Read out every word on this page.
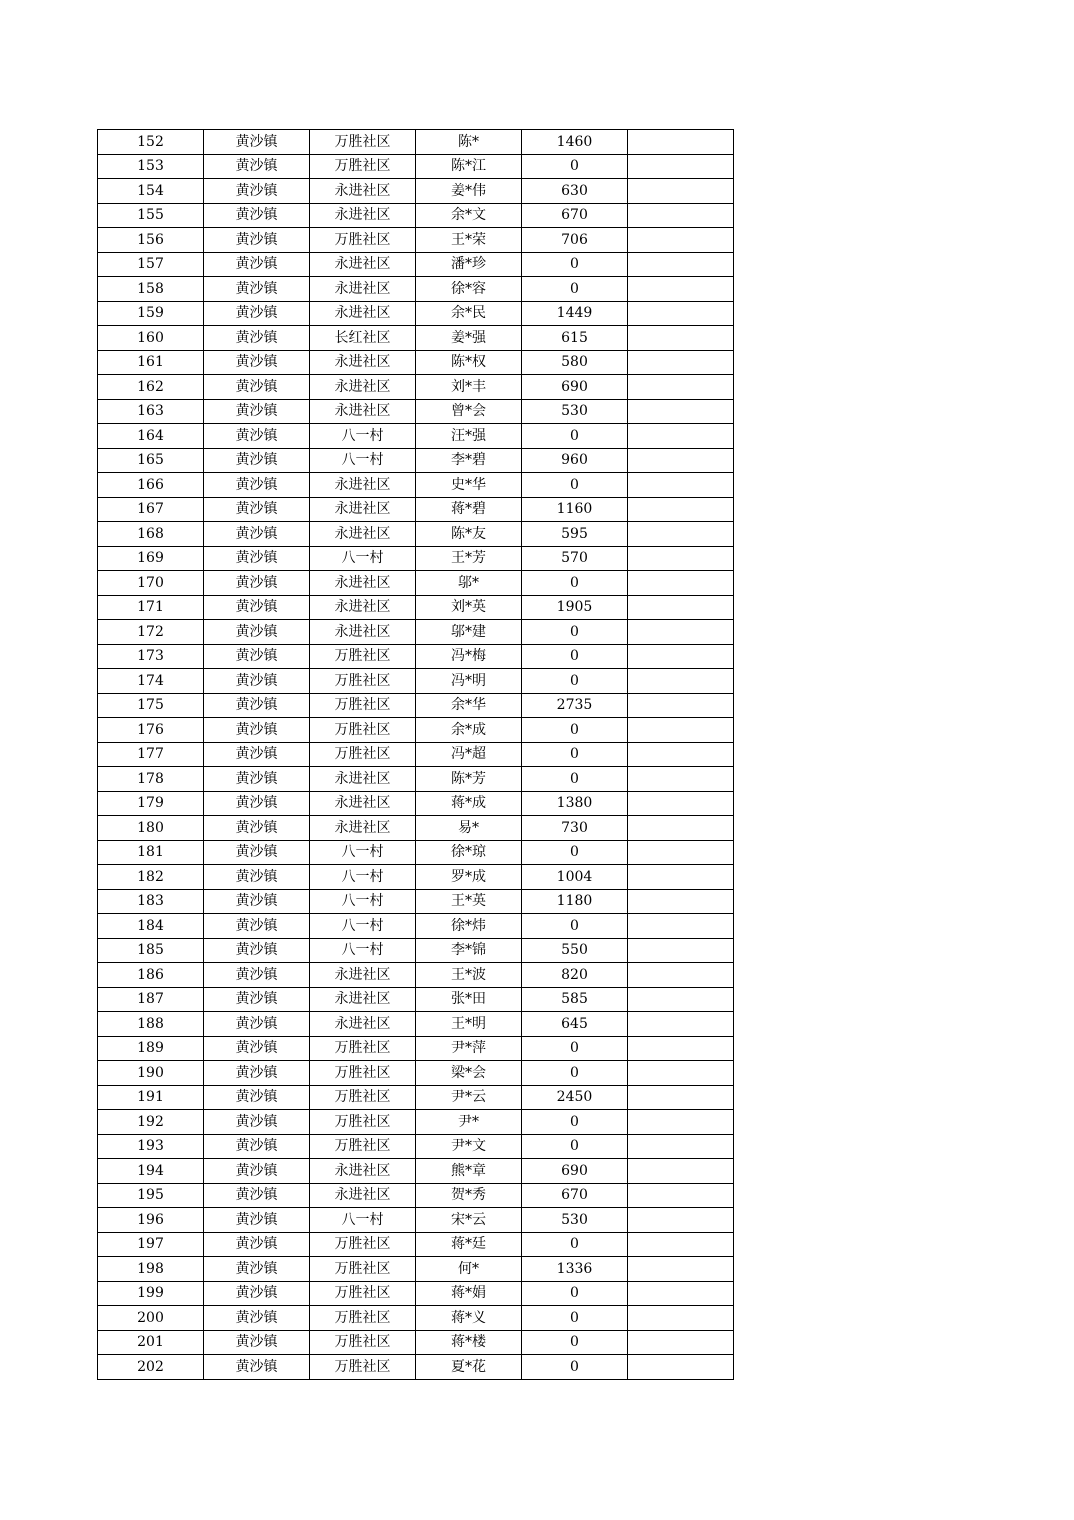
152	黄沙镇	万胜社区	陈*	1460	
153	黄沙镇	万胜社区	陈*江	0	
154	黄沙镇	永进社区	姜*伟	630	
155	黄沙镇	永进社区	余*文	670	
156	黄沙镇	万胜社区	王*荣	706	
157	黄沙镇	永进社区	潘*珍	0	
158	黄沙镇	永进社区	徐*容	0	
159	黄沙镇	永进社区	余*民	1449	
160	黄沙镇	长红社区	姜*强	615	
161	黄沙镇	永进社区	陈*权	580	
162	黄沙镇	永进社区	刘*丰	690	
163	黄沙镇	永进社区	曾*会	530	
164	黄沙镇	八一村	汪*强	0	
165	黄沙镇	八一村	李*碧	960	
166	黄沙镇	永进社区	史*华	0	
167	黄沙镇	永进社区	蒋*碧	1160	
168	黄沙镇	永进社区	陈*友	595	
169	黄沙镇	八一村	王*芳	570	
170	黄沙镇	永进社区	邬*	0	
171	黄沙镇	永进社区	刘*英	1905	
172	黄沙镇	永进社区	邬*建	0	
173	黄沙镇	万胜社区	冯*梅	0	
174	黄沙镇	万胜社区	冯*明	0	
175	黄沙镇	万胜社区	余*华	2735	
176	黄沙镇	万胜社区	余*成	0	
177	黄沙镇	万胜社区	冯*超	0	
178	黄沙镇	永进社区	陈*芳	0	
179	黄沙镇	永进社区	蒋*成	1380	
180	黄沙镇	永进社区	易*	730	
181	黄沙镇	八一村	徐*琼	0	
182	黄沙镇	八一村	罗*成	1004	
183	黄沙镇	八一村	王*英	1180	
184	黄沙镇	八一村	徐*炜	0	
185	黄沙镇	八一村	李*锦	550	
186	黄沙镇	永进社区	王*波	820	
187	黄沙镇	永进社区	张*田	585	
188	黄沙镇	永进社区	王*明	645	
189	黄沙镇	万胜社区	尹*萍	0	
190	黄沙镇	万胜社区	梁*会	0	
191	黄沙镇	万胜社区	尹*云	2450	
192	黄沙镇	万胜社区	尹*	0	
193	黄沙镇	万胜社区	尹*文	0	
194	黄沙镇	永进社区	熊*章	690	
195	黄沙镇	永进社区	贺*秀	670	
196	黄沙镇	八一村	宋*云	530	
197	黄沙镇	万胜社区	蒋*廷	0	
198	黄沙镇	万胜社区	何*	1336	
199	黄沙镇	万胜社区	蒋*娟	0	
200	黄沙镇	万胜社区	蒋*义	0	
201	黄沙镇	万胜社区	蒋*楼	0	
202	黄沙镇	万胜社区	夏*花	0	
